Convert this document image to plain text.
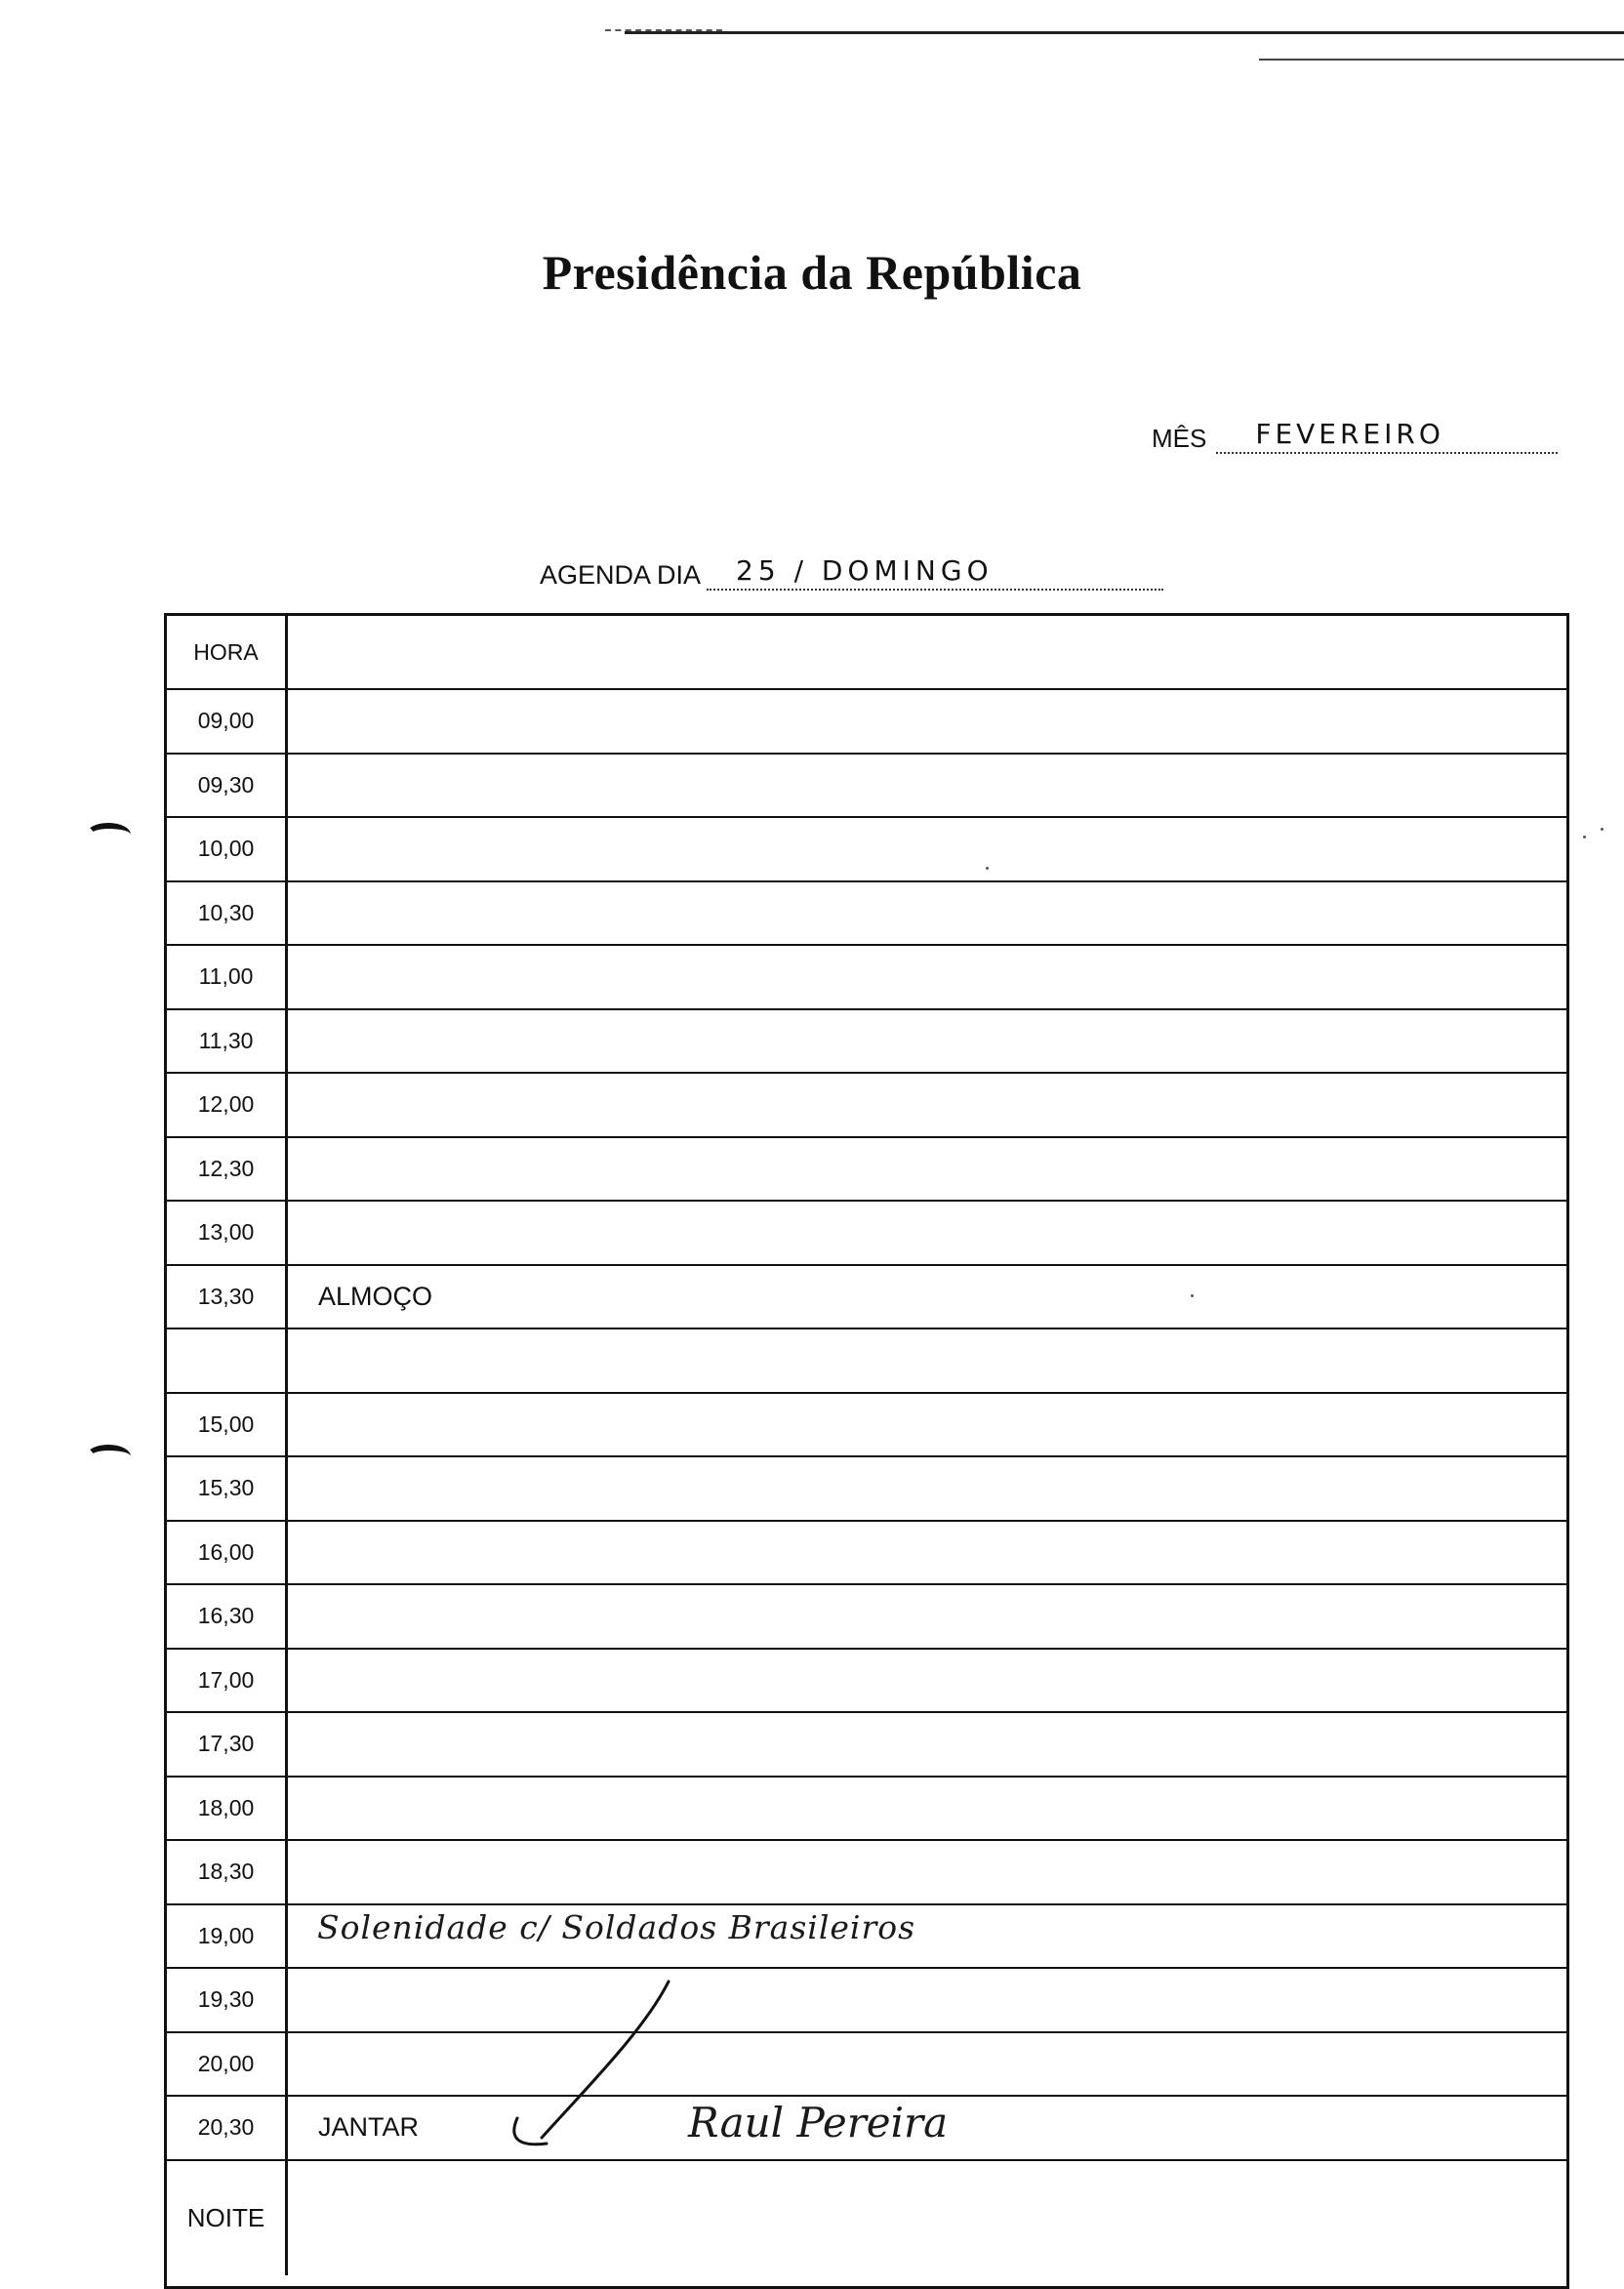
Presidência da República
MÊS FEVEREIRO
AGENDA DIA 25 / DOMINGO
HORA
09,00
09,30
10,00
10,30
11,00
11,30
12,00
12,30
13,00
13,30	ALMOÇO
15,00
15,30
16,00
16,30
17,00
17,30
18,00
18,30
19,00
19,30
20,00
20,30	JANTAR
NOITE
Solenidade c/ Soldados Brasileiros
Raul Pereira
